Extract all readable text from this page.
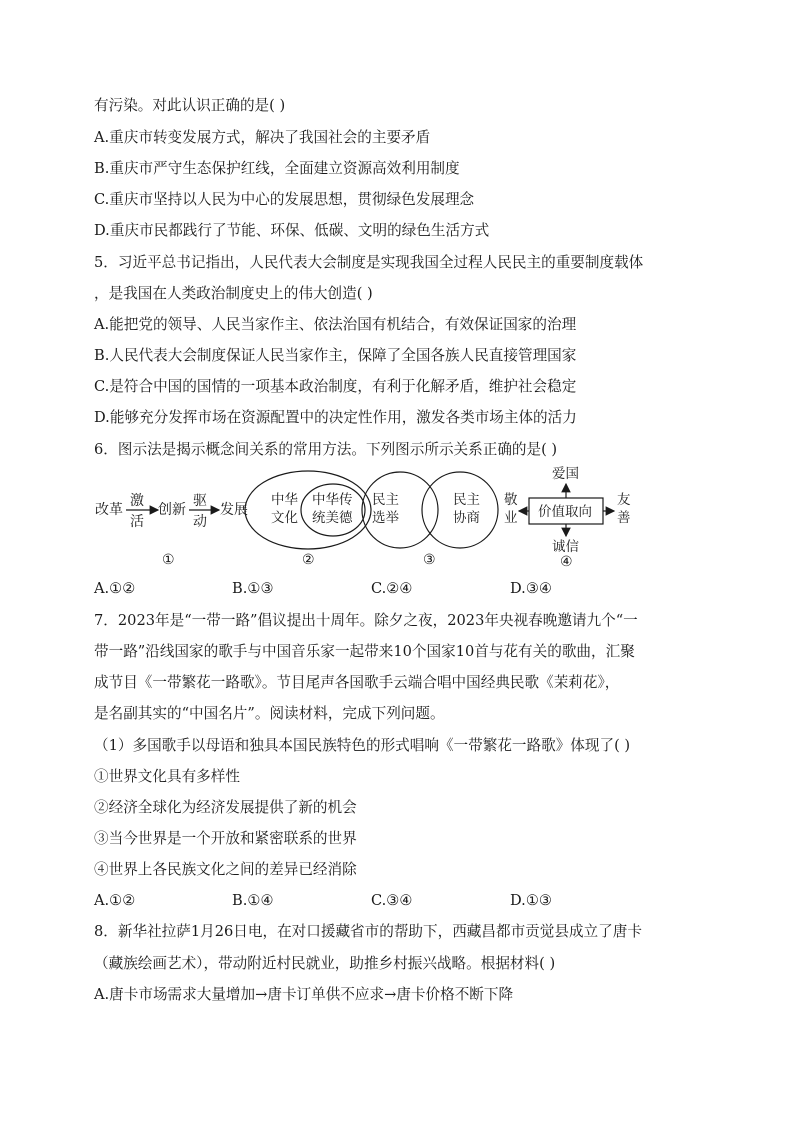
有污染。对此认识正确的是( )
A.重庆市转变发展方式，解决了我国社会的主要矛盾
B.重庆市严守生态保护红线，全面建立资源高效利用制度
C.重庆市坚持以人民为中心的发展思想，贯彻绿色发展理念
D.重庆市民都践行了节能、环保、低碳、文明的绿色生活方式
5．习近平总书记指出，人民代表大会制度是实现我国全过程人民民主的重要制度载体
，是我国在人类政治制度史上的伟大创造( )
A.能把党的领导、人民当家作主、依法治国有机结合，有效保证国家的治理
B.人民代表大会制度保证人民当家作主，保障了全国各族人民直接管理国家
C.是符合中国的国情的一项基本政治制度，有利于化解矛盾，维护社会稳定
D.能够充分发挥市场在资源配置中的决定性作用，激发各类市场主体的活力
6．图示法是揭示概念间关系的常用方法。下列图示所示关系正确的是( )
改革
激
活
创新
驱
动
发展
①
中华
文化
中华传
统美德
②
民主
选举
民主
协商
③
爱国
价值取向
敬
业
友
善
诚信
④
A.①②	B.①③	C.②④	D.③④
7．2023年是“一带一路”倡议提出十周年。除夕之夜，2023年央视春晚邀请九个“一
带一路”沿线国家的歌手与中国音乐家一起带来10个国家10首与花有关的歌曲，汇聚
成节目《一带繁花一路歌》。节目尾声各国歌手云端合唱中国经典民歌《茉莉花》，
是名副其实的“中国名片”。阅读材料，完成下列问题。
（1）多国歌手以母语和独具本国民族特色的形式唱响《一带繁花一路歌》体现了( )
①世界文化具有多样性
②经济全球化为经济发展提供了新的机会
③当今世界是一个开放和紧密联系的世界
④世界上各民族文化之间的差异已经消除
A.①②	B.①④	C.③④	D.①③
8．新华社拉萨1月26日电，在对口援藏省市的帮助下，西藏昌都市贡觉县成立了唐卡
（藏族绘画艺术），带动附近村民就业，助推乡村振兴战略。根据材料( )
A.唐卡市场需求大量增加→唐卡订单供不应求→唐卡价格不断下降
